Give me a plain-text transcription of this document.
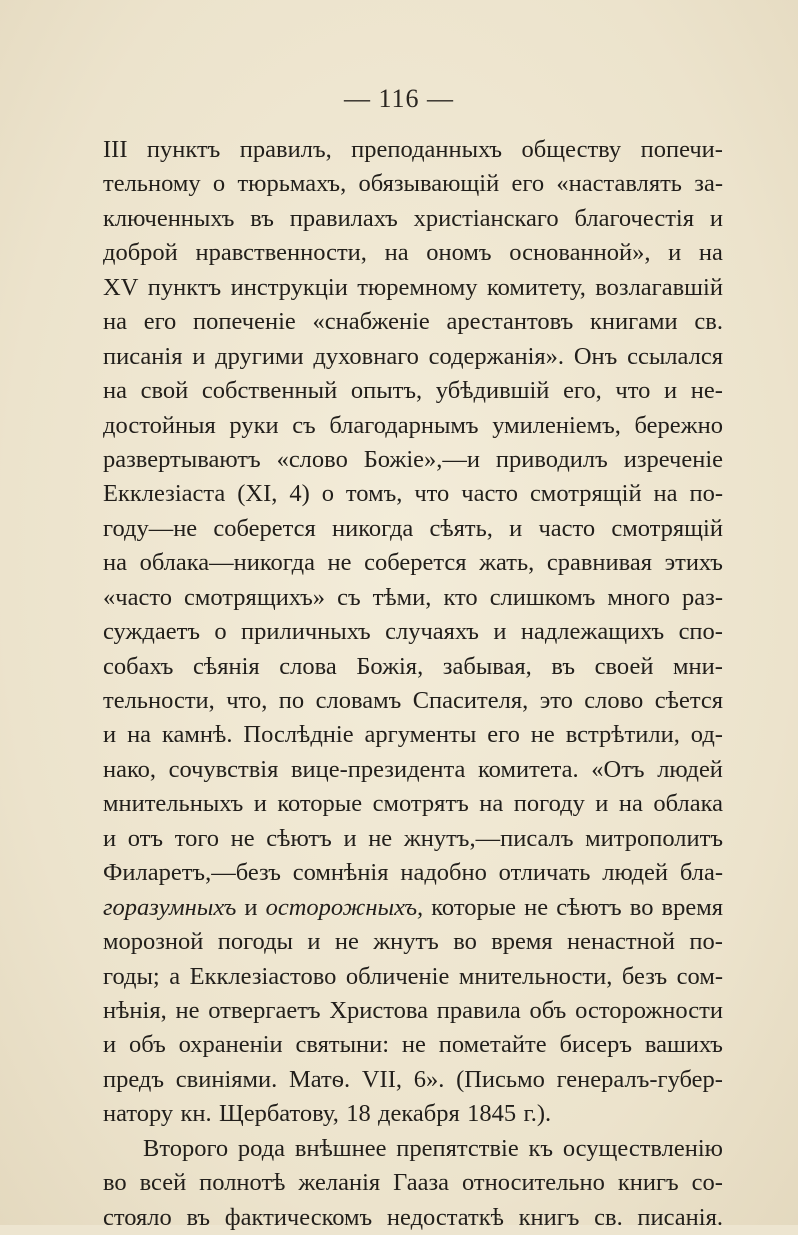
— 116 —
III пунктъ правилъ, преподанныхъ обществу попечи-
тельному о тюрьмахъ, обязывающій его «наставлять за-
ключенныхъ въ правилахъ христіанскаго благочестія и
доброй нравственности, на ономъ основанной», и на
XV пунктъ инструкціи тюремному комитету, возлагавшій
на его попеченіе «снабженіе арестантовъ книгами св.
писанія и другими духовнаго содержанія». Онъ ссылался
на свой собственный опытъ, убѣдившій его, что и не-
достойныя руки съ благодарнымъ умиленіемъ, бережно
развертываютъ «слово Божіе»,—и приводилъ изреченіе
Екклезіаста (XI, 4) о томъ, что часто смотрящій на по-
году—не соберется никогда сѣять, и часто смотрящій
на облака—никогда не соберется жать, сравнивая этихъ
«часто смотрящихъ» съ тѣми, кто слишкомъ много раз-
суждаетъ о приличныхъ случаяхъ и надлежащихъ спо-
собахъ сѣянія слова Божія, забывая, въ своей мни-
тельности, что, по словамъ Спасителя, это слово сѣется
и на камнѣ. Послѣдніе аргументы его не встрѣтили, од-
нако, сочувствія вице-президента комитета. «Отъ людей
мнительныхъ и которые смотрятъ на погоду и на облака
и отъ того не сѣютъ и не жнутъ,—писалъ митрополитъ
Филаретъ,—безъ сомнѣнія надобно отличать людей бла-
горазумныхъ и осторожныхъ, которые не сѣютъ во время
морозной погоды и не жнутъ во время ненастной по-
годы; а Екклезіастово обличеніе мнительности, безъ сом-
нѣнія, не отвергаетъ Христова правила объ осторожности
и объ охраненіи святыни: не пометайте бисеръ вашихъ
предъ свиніями. Матѳ. VII, 6». (Письмо генералъ-губер-
натору кн. Щербатову, 18 декабря 1845 г.).
Второго рода внѣшнее препятствіе къ осуществленію
во всей полнотѣ желанія Гааза относительно книгъ со-
стояло въ фактическомъ недостаткѣ книгъ св. писанія.
